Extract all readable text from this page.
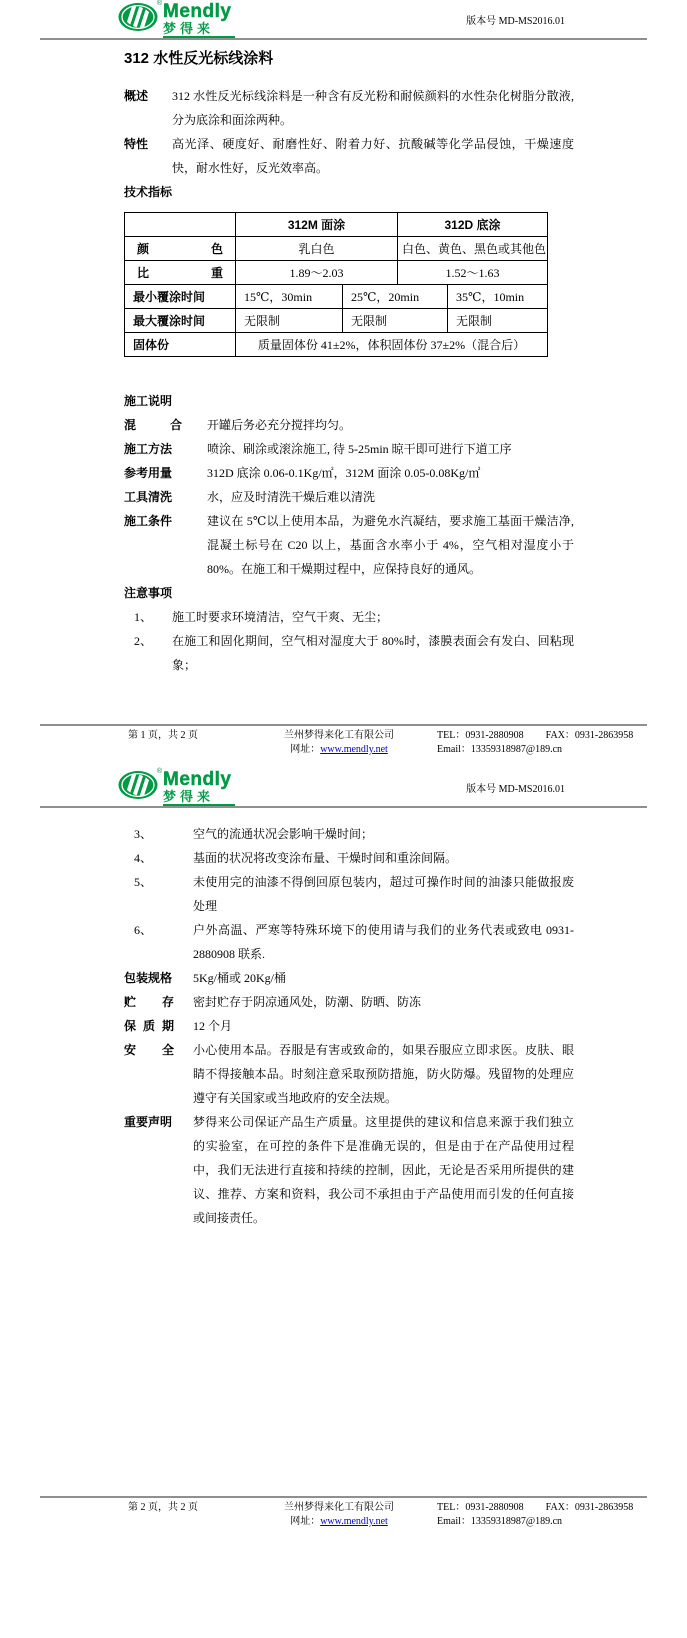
® Mendly
梦得来	版本号 MD-MS2016.01
312 水性反光标线涂料
概述	312 水性反光标线涂料是一种含有反光粉和耐候颜料的水性杂化树脂分散液, 分为底涂和面涂两种。
特性	高光泽、硬度好、耐磨性好、附着力好、抗酸碱等化学品侵蚀，干燥速度快，耐水性好，反光效率高。
技术指标
	312M 面涂		312D 底涂	
颜色	乳白色		白色、黄色、黑色或其他色	
比重	1.89～2.03		1.52～1.63	
最小覆涂时间	15℃，30min	25℃，20min		35℃，10min
最大覆涂时间	无限制	无限制		无限制
固体份	质量固体份 41±2%，体积固体份 37±2%（混合后）			
施工说明
混合 开罐后务必充分搅拌均匀。
施工方法	喷涂、刷涂或滚涂施工, 待 5-25min 晾干即可进行下道工序
参考用量	312D 底涂 0.06-0.1Kg/㎡，312M 面涂 0.05-0.08Kg/㎡
工具清洗	水，应及时清洗干燥后难以清洗
施工条件	建议在 5℃以上使用本品，为避免水汽凝结，要求施工基面干燥洁净, 混凝土标号在 C20 以上，基面含水率小于 4%，空气相对湿度小于 80%。在施工和干燥期过程中，应保持良好的通风。
注意事项
1、	施工时要求环境清洁，空气干爽、无尘；
2、	在施工和固化期间，空气相对湿度大于 80%时，漆膜表面会有发白、回粘现象；
第 1 页，共 2 页	兰州梦得来化工有限公司
网址：www.mendly.net
TEL：0931-2880908 FAX：0931-2863958
Email：13359318987@189.cn
® Mendly
梦得来	版本号 MD-MS2016.01
3、	空气的流通状况会影响干燥时间；
4、	基面的状况将改变涂布量、干燥时间和重涂间隔。
5、	未使用完的油漆不得倒回原包装内，超过可操作时间的油漆只能做报废处理
6、	户外高温、严寒等特殊环境下的使用请与我们的业务代表或致电 0931-2880908 联系.
包装规格	5Kg/桶或 20Kg/桶
贮存 密封贮存于阴凉通风处，防潮、防晒、防冻
保质期 12 个月
安全 小心使用本品。吞服是有害或致命的，如果吞服应立即求医。皮肤、眼睛不得接触本品。时刻注意采取预防措施，防火防爆。残留物的处理应遵守有关国家或当地政府的安全法规。
重要声明	梦得来公司保证产品生产质量。这里提供的建议和信息来源于我们独立的实验室，在可控的条件下是准确无误的，但是由于在产品使用过程中，我们无法进行直接和持续的控制，因此，无论是否采用所提供的建议、推荐、方案和资料，我公司不承担由于产品使用而引发的任何直接或间接责任。
第 2 页，共 2 页	兰州梦得来化工有限公司
网址：www.mendly.net
TEL：0931-2880908 FAX：0931-2863958
Email：13359318987@189.cn
